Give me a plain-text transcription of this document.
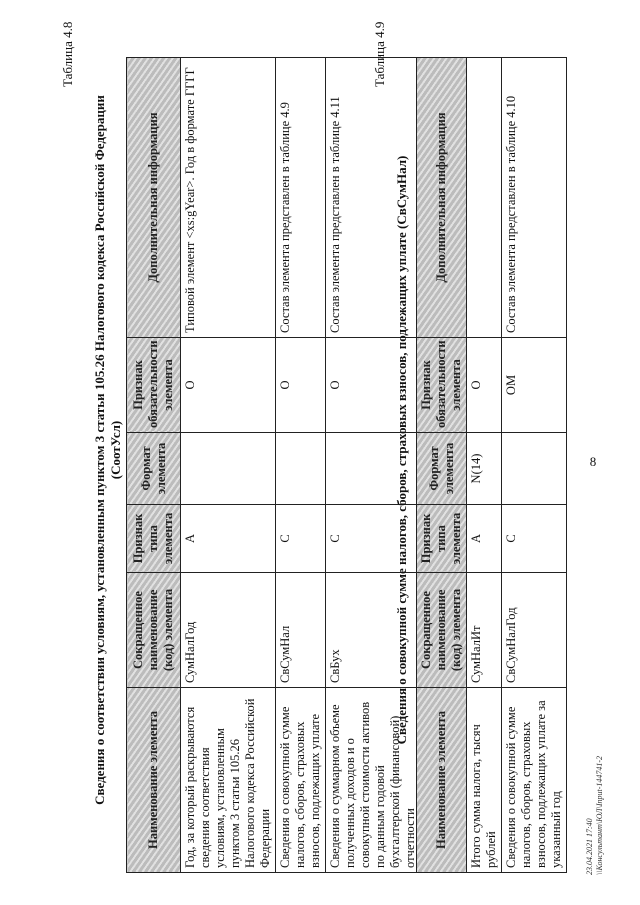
8
Таблица 4.8
Сведения о соответствии условиям, установленным пунктом 3 статьи 105.26 Налогового кодекса Российской Федерации (СоотУсл)
Наименование элемента	Сокращенное наименование (код) элемента	Признак типа элемента	Формат элемента	Признак обязательности элемента	Дополнительная информация
Год, за который раскрываются сведения соответствия условиям, установленным пунктом 3 статьи 105.26 Налогового кодекса Российской Федерации	СумНалГод	А		О	Типовой элемент <xs:gYear>. Год в формате ГГГГ
Сведения о совокупной сумме налогов, сборов, страховых взносов, подлежащих уплате	СвСумНал	С		О	Состав элемента представлен в таблице 4.9
Сведения о суммарном объеме полученных доходов и о совокупной стоимости активов по данным годовой бухгалтерской (финансовой) отчетности	СвБух	С		О	Состав элемента представлен в таблице 4.11
Таблица 4.9
Сведения о совокупной сумме налогов, сборов, страховых взносов, подлежащих уплате (СвСумНал)
Наименование элемента	Сокращенное наименование (код) элемента	Признак типа элемента	Формат элемента	Признак обязательности элемента	Дополнительная информация
Итого сумма налога, тысяч рублей	СумНалИт	А	N(14)	О	
Сведения о совокупной сумме налогов, сборов, страховых взносов, подлежащих уплате за указанный год	СвСумНалГод	С		ОМ	Состав элемента представлен в таблице 4.10
23.04.2021 17:40 \\Консультант\ЮЛ\Input-144741-2
